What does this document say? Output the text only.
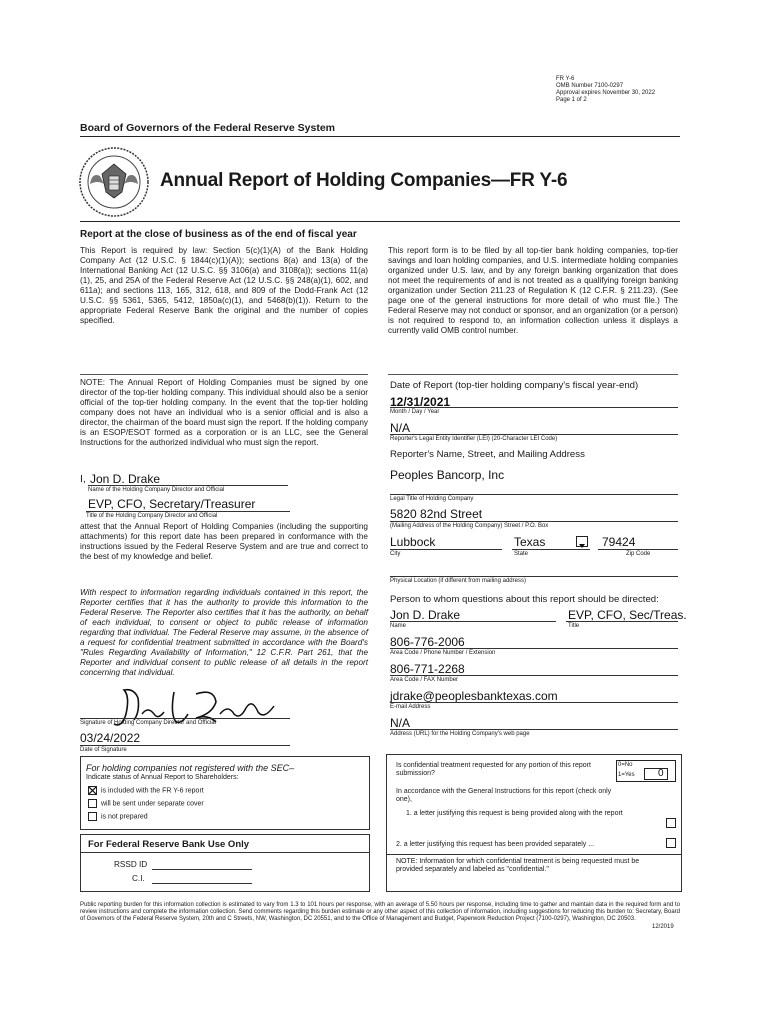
FR Y-6
OMB Number 7100-0297
Approval expires November 30, 2022
Page 1 of 2
Board of Governors of the Federal Reserve System
Annual Report of Holding Companies—FR Y-6
Report at the close of business as of the end of fiscal year
This Report is required by law: Section 5(c)(1)(A) of the Bank Holding Company Act (12 U.S.C. § 1844(c)(1)(A)); sections 8(a) and 13(a) of the International Banking Act (12 U.S.C. §§ 3106(a) and 3108(a)); sections 11(a)(1), 25, and 25A of the Federal Reserve Act (12 U.S.C. §§ 248(a)(1), 602, and 611a); and sections 113, 165, 312, 618, and 809 of the Dodd-Frank Act (12 U.S.C. §§ 5361, 5365, 5412, 1850a(c)(1), and 5468(b)(1)). Return to the appropriate Federal Reserve Bank the original and the number of copies specified.
This report form is to be filed by all top-tier bank holding companies, top-tier savings and loan holding companies, and U.S. intermediate holding companies organized under U.S. law, and by any foreign banking organization that does not meet the requirements of and is not treated as a qualifying foreign banking organization under Section 211.23 of Regulation K (12 C.F.R. § 211.23). (See page one of the general instructions for more detail of who must file.) The Federal Reserve may not conduct or sponsor, and an organization (or a person) is not required to respond to, an information collection unless it displays a currently valid OMB control number.
NOTE: The Annual Report of Holding Companies must be signed by one director of the top-tier holding company. This individual should also be a senior official of the top-tier holding company. In the event that the top-tier holding company does not have an individual who is a senior official and is also a director, the chairman of the board must sign the report. If the holding company is an ESOP/ESOT formed as a corporation or is an LLC, see the General Instructions for the authorized individual who must sign the report.
I, Jon D. Drake
Name of the Holding Company Director and Official
EVP, CFO, Secretary/Treasurer
Title of the Holding Company Director and Official
attest that the Annual Report of Holding Companies (including the supporting attachments) for this report date has been prepared in conformance with the instructions issued by the Federal Reserve System and are true and correct to the best of my knowledge and belief.
With respect to information regarding individuals contained in this report, the Reporter certifies that it has the authority to provide this information to the Federal Reserve. The Reporter also certifies that it has the authority, on behalf of each individual, to consent or object to public release of information regarding that individual. The Federal Reserve may assume, in the absence of a request for confidential treatment submitted in accordance with the Board's "Rules Regarding Availability of Information," 12 C.F.R. Part 261, that the Reporter and individual consent to public release of all details in the report concerning that individual.
Signature of Holding Company Director and Official
03/24/2022
Date of Signature
For holding companies not registered with the SEC–
Indicate status of Annual Report to Shareholders:
is included with the FR Y-6 report
will be sent under separate cover
is not prepared
For Federal Reserve Bank Use Only
RSSD ID
C.I.
Date of Report (top-tier holding company's fiscal year-end)
12/31/2021
Month / Day / Year
N/A
Reporter's Legal Entity Identifier (LEI) (20-Character LEI Code)
Reporter's Name, Street, and Mailing Address
Peoples Bancorp, Inc
Legal Title of Holding Company
5820 82nd Street
(Mailing Address of the Holding Company) Street / P.O. Box
Lubbock	Texas	79424
City	State	Zip Code
Physical Location (if different from mailing address)
Person to whom questions about this report should be directed:
Jon D. Drake	EVP, CFO, Sec/Treas.
Name	Title
806-776-2006
Area Code / Phone Number / Extension
806-771-2268
Area Code / FAX Number
jdrake@peoplesbanktexas.com
E-mail Address
N/A
Address (URL) for the Holding Company's web page
Is confidential treatment requested for any portion of this report submission?
0=No
1=Yes 0
In accordance with the General Instructions for this report (check only one),
1. a letter justifying this request is being provided along with the report
2. a letter justifying this request has been provided separately ...
NOTE: Information for which confidential treatment is being requested must be provided separately and labeled as "confidential."
Public reporting burden for this information collection is estimated to vary from 1.3 to 101 hours per response, with an average of 5.50 hours per response, including time to gather and maintain data in the required form and to review instructions and complete the information collection. Send comments regarding this burden estimate or any other aspect of this collection of information, including suggestions for reducing this burden to: Secretary, Board of Governors of the Federal Reserve System, 20th and C Streets, NW, Washington, DC 20551, and to the Office of Management and Budget, Paperwork Reduction Project (7100-0297), Washington, DC 20503.
12/2019
